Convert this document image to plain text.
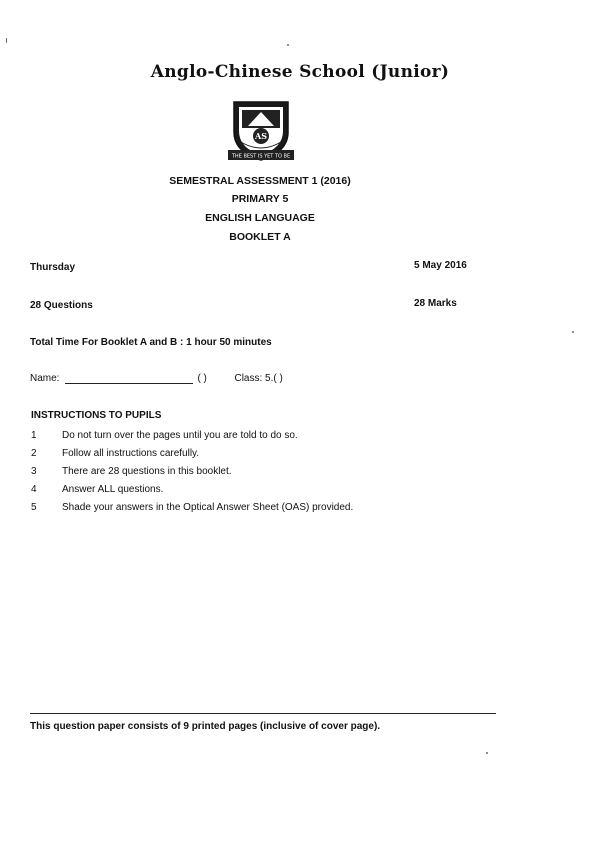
Anglo-Chinese School (Junior)
AS
THE BEST IS YET TO BE
SEMESTRAL ASSESSMENT 1 (2016)
PRIMARY 5
ENGLISH LANGUAGE
BOOKLET A
Thursday	5 May 2016
28 Questions	28 Marks
Total Time For Booklet A and B : 1 hour 50 minutes
Name:	( )	Class: 5.( )
INSTRUCTIONS TO PUPILS
1	Do not turn over the pages until you are told to do so.
2	Follow all instructions carefully.
3	There are 28 questions in this booklet.
4	Answer ALL questions.
5	Shade your answers in the Optical Answer Sheet (OAS) provided.
This question paper consists of 9 printed pages (inclusive of cover page).
